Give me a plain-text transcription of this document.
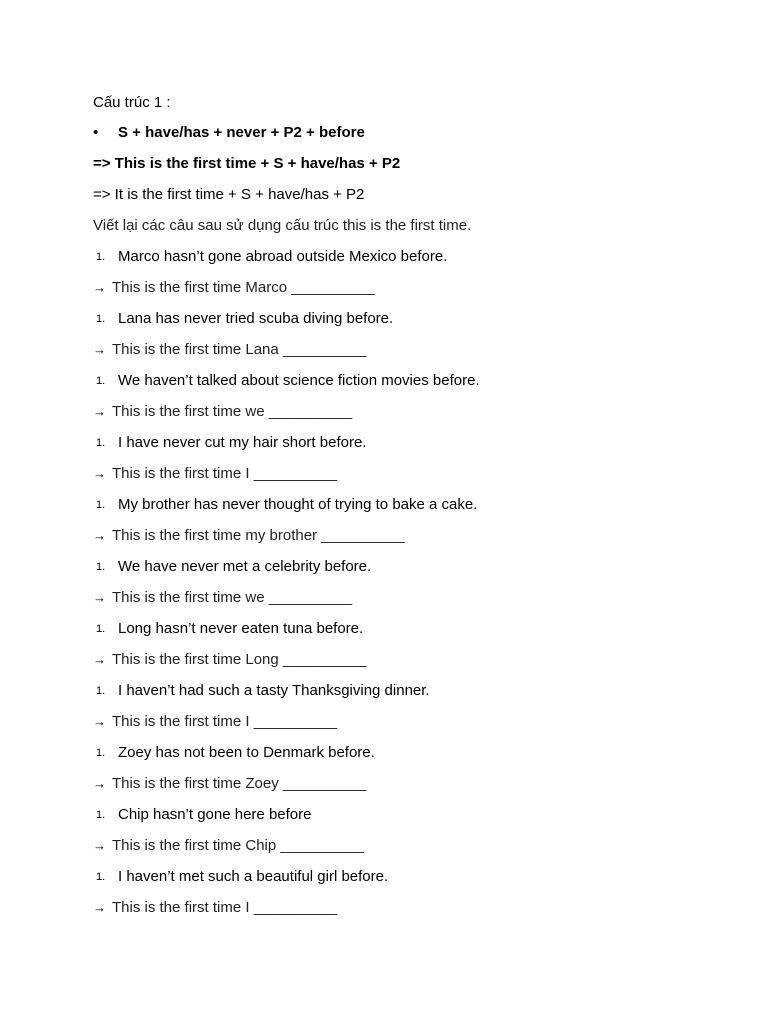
Cấu trúc 1 :
• S + have/has + never + P2 + before
=> This is the first time + S + have/has + P2
=> It is the first time + S + have/has + P2
Viết lại các câu sau sử dụng cấu trúc this is the first time.
1. Marco hasn’t gone abroad outside Mexico before.
→ This is the first time Marco __________
1. Lana has never tried scuba diving before.
→ This is the first time Lana __________
1. We haven’t talked about science fiction movies before.
→ This is the first time we __________
1. I have never cut my hair short before.
→ This is the first time I __________
1. My brother has never thought of trying to bake a cake.
→ This is the first time my brother __________
1. We have never met a celebrity before.
→ This is the first time we __________
1. Long hasn’t never eaten tuna before.
→ This is the first time Long __________
1. I haven’t had such a tasty Thanksgiving dinner.
→ This is the first time I __________
1. Zoey has not been to Denmark before.
→ This is the first time Zoey __________
1. Chip hasn’t gone here before
→ This is the first time Chip __________
1. I haven’t met such a beautiful girl before.
→ This is the first time I __________
